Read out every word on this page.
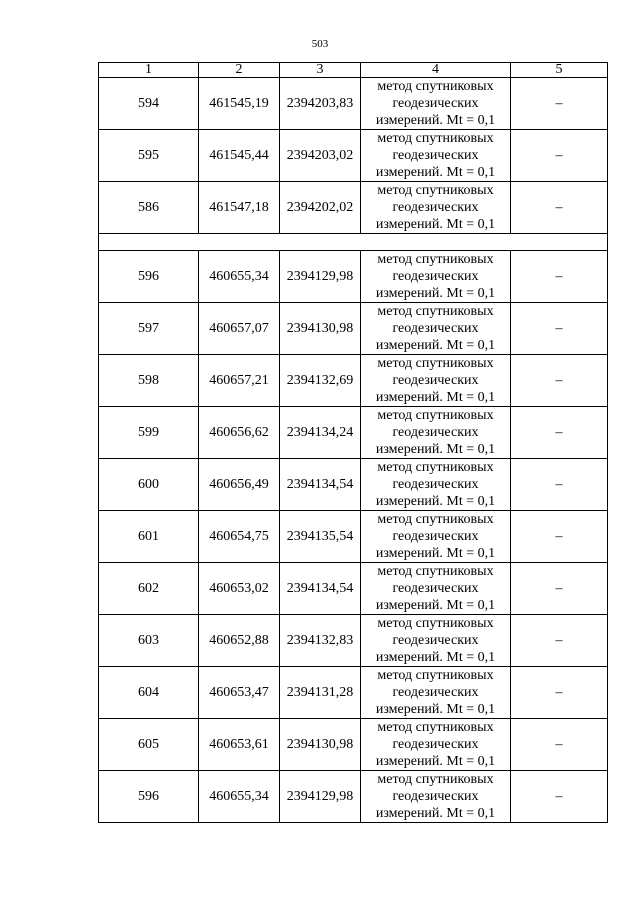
503
1	2	3	4	5
594	461545,19	2394203,83	метод спутниковых
геодезических
измерений. Mt = 0,1	–
595	461545,44	2394203,02	метод спутниковых
геодезических
измерений. Mt = 0,1	–
586	461547,18	2394202,02	метод спутниковых
геодезических
измерений. Mt = 0,1	–

596	460655,34	2394129,98	метод спутниковых
геодезических
измерений. Mt = 0,1	–
597	460657,07	2394130,98	метод спутниковых
геодезических
измерений. Mt = 0,1	–
598	460657,21	2394132,69	метод спутниковых
геодезических
измерений. Mt = 0,1	–
599	460656,62	2394134,24	метод спутниковых
геодезических
измерений. Mt = 0,1	–
600	460656,49	2394134,54	метод спутниковых
геодезических
измерений. Mt = 0,1	–
601	460654,75	2394135,54	метод спутниковых
геодезических
измерений. Mt = 0,1	–
602	460653,02	2394134,54	метод спутниковых
геодезических
измерений. Mt = 0,1	–
603	460652,88	2394132,83	метод спутниковых
геодезических
измерений. Mt = 0,1	–
604	460653,47	2394131,28	метод спутниковых
геодезических
измерений. Mt = 0,1	–
605	460653,61	2394130,98	метод спутниковых
геодезических
измерений. Mt = 0,1	–
596	460655,34	2394129,98	метод спутниковых
геодезических
измерений. Mt = 0,1	–
